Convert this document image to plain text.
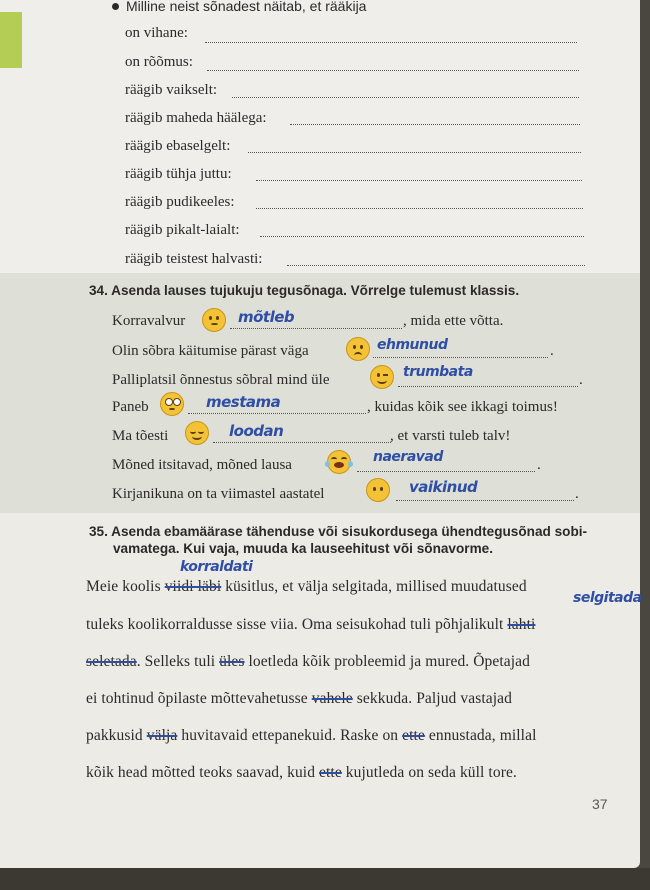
Milline neist sõnadest näitab, et rääkija
on vihane:
on rõõmus:
räägib vaikselt:
räägib maheda häälega:
räägib ebaselgelt:
räägib tühja juttu:
räägib pudikeeles:
räägib pikalt-laialt:
räägib teistest halvasti:
34. Asenda lauses tujukuju tegusõnaga. Võrrelge tulemust klassis.
Korravalvur	mõtleb	, mida ette võtta.
Olin sõbra käitumise pärast väga	ehmunud	.
Palliplatsil õnnestus sõbral mind üle	trumbata	.
Paneb	mestama	, kuidas kõik see ikkagi toimus!
Ma tõesti	loodan	, et varsti tuleb talv!
Mõned itsitavad, mõned lausa	naeravad	.
Kirjanikuna on ta viimastel aastatel	vaikinud	.
35. Asenda ebamäärase tähenduse või sisukordusega ühendtegusõnad sobi-
vamatega. Kui vaja, muuda ka lauseehitust või sõnavorme.
korraldati
Meie koolis viidi läbi küsitlus, et välja selgitada, millised muudatused
selgitada
tuleks koolikorraldusse sisse viia. Oma seisukohad tuli põhjalikult lahti
seletada. Selleks tuli üles loetleda kõik probleemid ja mured. Õpetajad
ei tohtinud õpilaste mõttevahetusse vahele sekkuda. Paljud vastajad
pakkusid välja huvitavaid ettepanekuid. Raske on ette ennustada, millal
kõik head mõtted teoks saavad, kuid ette kujutleda on seda küll tore.
37
